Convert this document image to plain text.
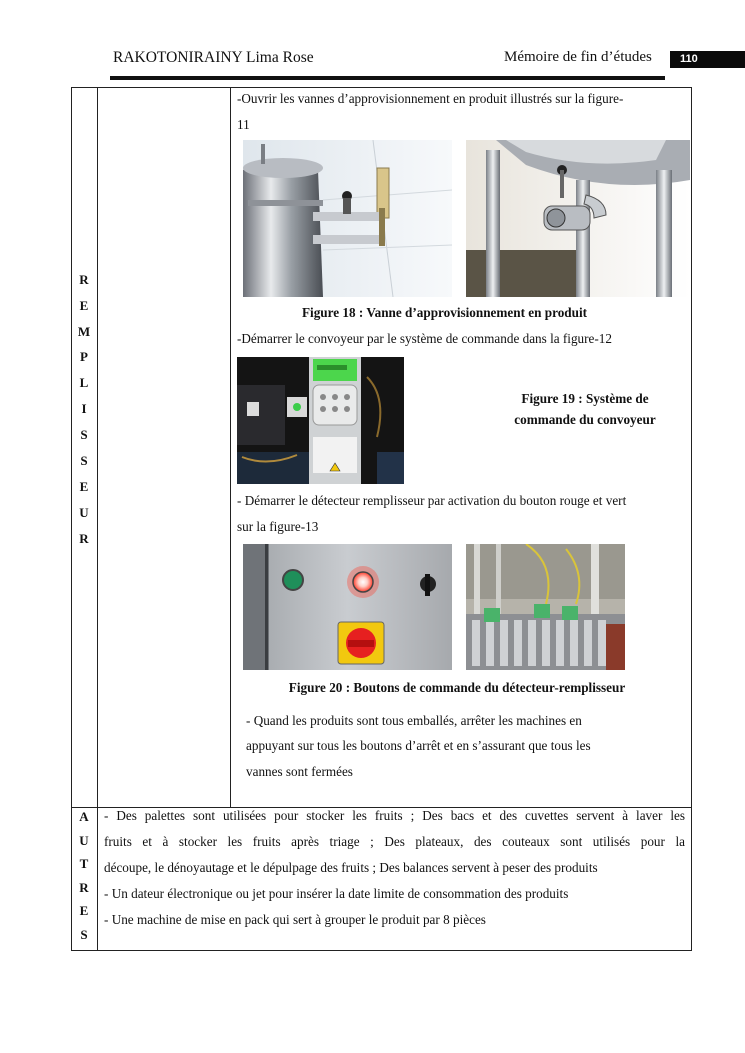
RAKOTONIRAINY Lima Rose	Mémoire de fin d’études	110
R
E
M
P
L
I
S
S
E
U
R
-Ouvrir les vannes d’approvisionnement en produit illustrés sur la figure-
11
Figure 18 : Vanne d’approvisionnement en produit
-Démarrer le convoyeur par le système de commande dans la figure-12
Figure 19 : Système de
commande du convoyeur
- Démarrer le détecteur remplisseur par activation du bouton rouge et vert
sur la figure-13
Figure 20 : Boutons de commande du détecteur-remplisseur
- Quand les produits sont tous emballés, arrêter les machines en
appuyant sur tous les boutons d’arrêt et en s’assurant que tous les
vannes sont fermées
A
U
T
R
E
S
- Des palettes sont utilisées pour stocker les fruits ; Des bacs et des cuvettes servent à laver les
fruits et à stocker les fruits après triage ; Des plateaux, des couteaux sont utilisés pour la
découpe, le dénoyautage et le dépulpage des fruits ; Des balances servent à peser des produits
- Un dateur électronique ou jet pour insérer la date limite de consommation des produits
- Une machine de mise en pack qui sert à grouper le produit par 8 pièces
